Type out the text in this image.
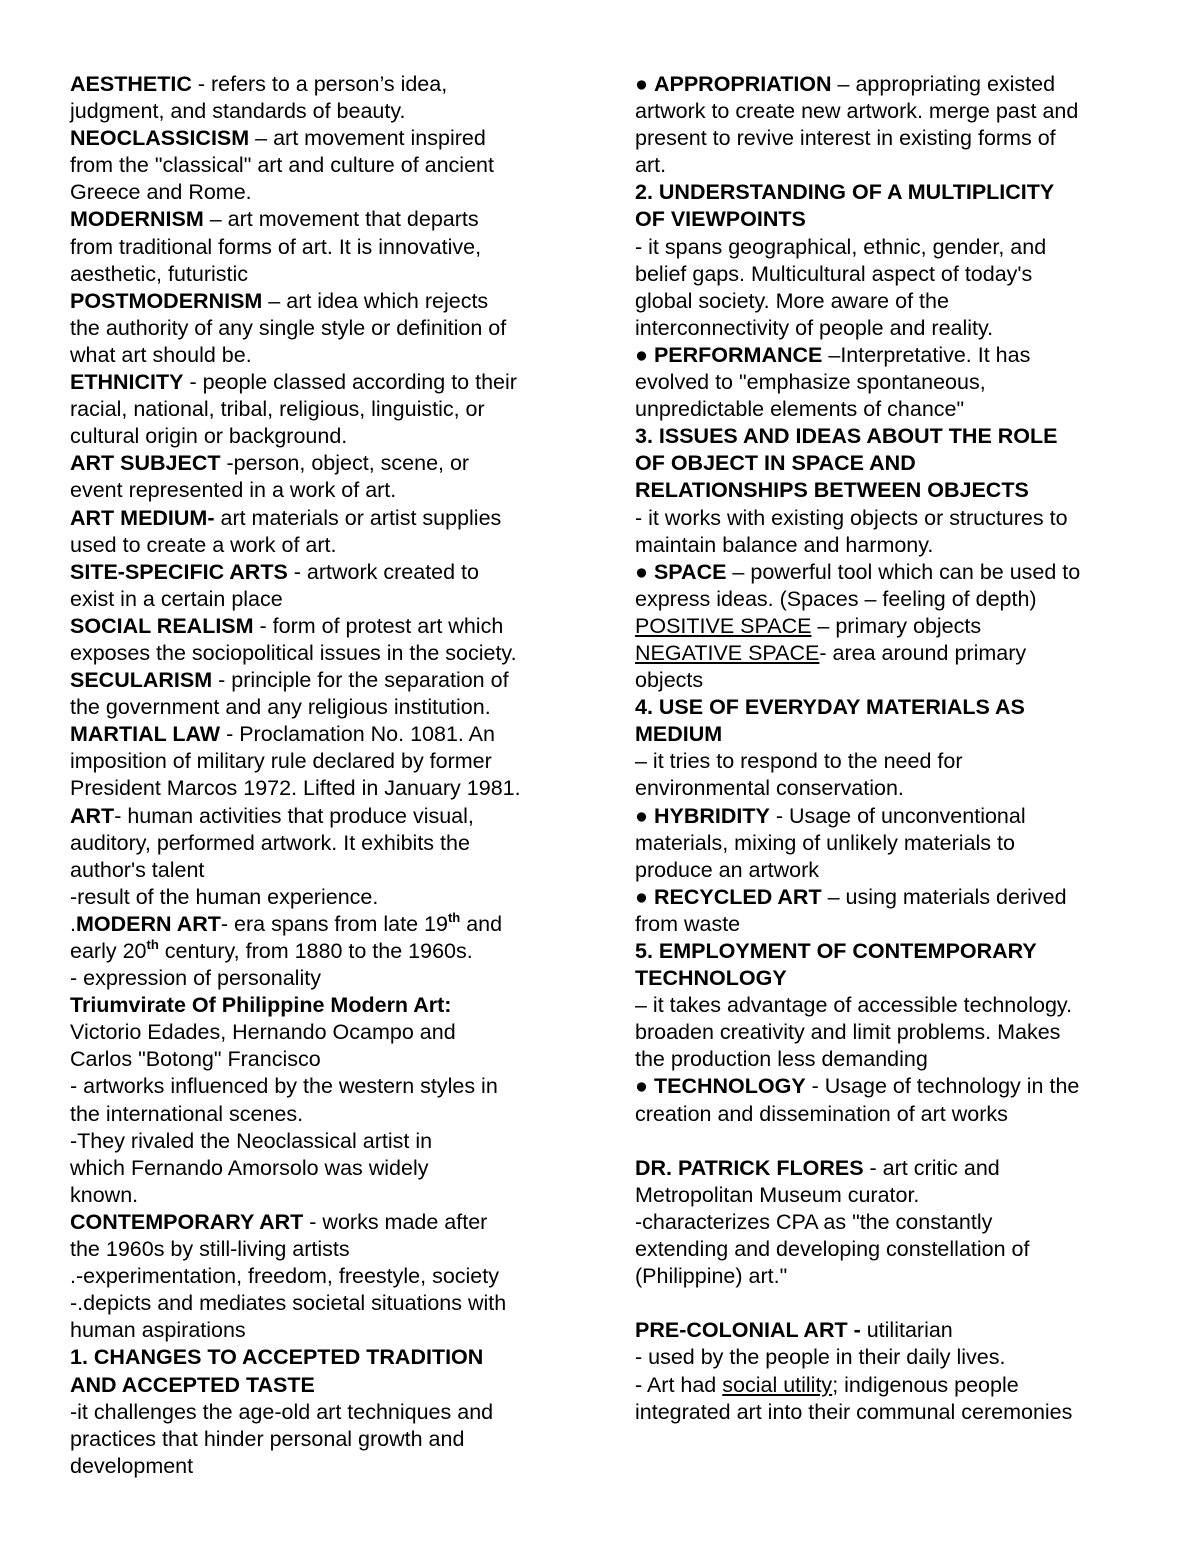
AESTHETIC - refers to a person’s idea,

judgment, and standards of beauty.

NEOCLASSICISM – art movement inspired

from the "classical" art and culture of ancient

Greece and Rome.

MODERNISM – art movement that departs

from traditional forms of art. It is innovative,

aesthetic, futuristic

POSTMODERNISM – art idea which rejects

the authority of any single style or definition of

what art should be.

ETHNICITY - people classed according to their

racial, national, tribal, religious, linguistic, or

cultural origin or background.

ART SUBJECT -person, object, scene, or

event represented in a work of art.

ART MEDIUM- art materials or artist supplies

used to create a work of art.

SITE-SPECIFIC ARTS - artwork created to

exist in a certain place

SOCIAL REALISM - form of protest art which

exposes the sociopolitical issues in the society.

SECULARISM - principle for the separation of

the government and any religious institution.

MARTIAL LAW - Proclamation No. 1081. An

imposition of military rule declared by former

President Marcos 1972. Lifted in January 1981.

ART- human activities that produce visual,

auditory, performed artwork. It exhibits the

author's talent

-result of the human experience.

.MODERN ART- era spans from late 19th and

early 20th century, from 1880 to the 1960s.

- expression of personality

Triumvirate Of Philippine Modern Art:

Victorio Edades, Hernando Ocampo and

Carlos "Botong" Francisco

- artworks influenced by the western styles in

the international scenes.

-They rivaled the Neoclassical artist in

which Fernando Amorsolo was widely

known.

CONTEMPORARY ART - works made after

the 1960s by still-living artists

.-experimentation, freedom, freestyle, society

-.depicts and mediates societal situations with

human aspirations

1. CHANGES TO ACCEPTED TRADITION

AND ACCEPTED TASTE

-it challenges the age-old art techniques and

practices that hinder personal growth and

development

● APPROPRIATION – appropriating existed

artwork to create new artwork. merge past and

present to revive interest in existing forms of

art.

2. UNDERSTANDING OF A MULTIPLICITY

OF VIEWPOINTS

- it spans geographical, ethnic, gender, and

belief gaps. Multicultural aspect of today's

global society. More aware of the

interconnectivity of people and reality.

● PERFORMANCE –Interpretative. It has

evolved to "emphasize spontaneous,

unpredictable elements of chance"

3. ISSUES AND IDEAS ABOUT THE ROLE

OF OBJECT IN SPACE AND

RELATIONSHIPS BETWEEN OBJECTS

- it works with existing objects or structures to

maintain balance and harmony.

● SPACE – powerful tool which can be used to

express ideas. (Spaces – feeling of depth)

POSITIVE SPACE – primary objects

NEGATIVE SPACE- area around primary

objects

4. USE OF EVERYDAY MATERIALS AS

MEDIUM

– it tries to respond to the need for

environmental conservation.

● HYBRIDITY - Usage of unconventional

materials, mixing of unlikely materials to

produce an artwork

● RECYCLED ART – using materials derived

from waste

5. EMPLOYMENT OF CONTEMPORARY

TECHNOLOGY

– it takes advantage of accessible technology.

broaden creativity and limit problems. Makes

the production less demanding

● TECHNOLOGY - Usage of technology in the

creation and dissemination of art works

DR. PATRICK FLORES - art critic and

Metropolitan Museum curator.

-characterizes CPA as "the constantly

extending and developing constellation of

(Philippine) art."

PRE-COLONIAL ART - utilitarian

- used by the people in their daily lives.

- Art had social utility; indigenous people

integrated art into their communal ceremonies
